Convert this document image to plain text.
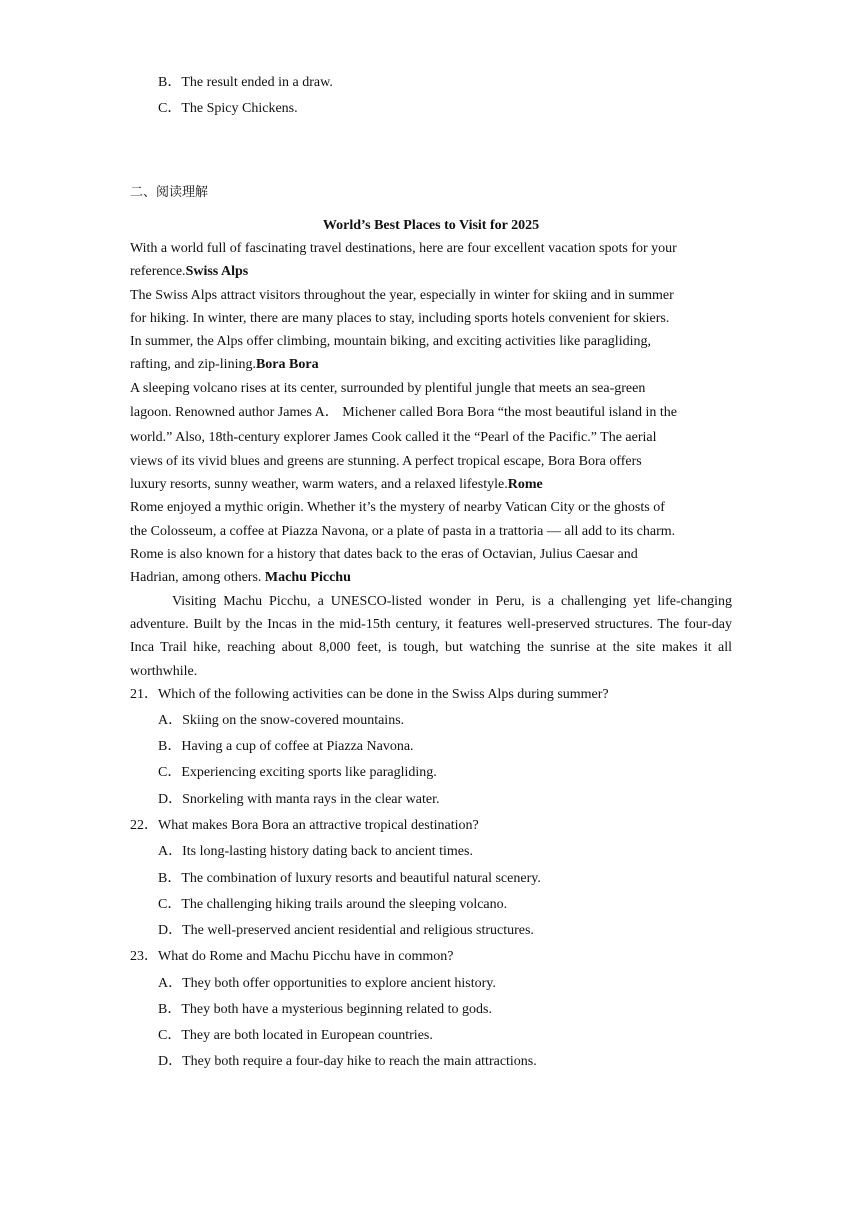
B．The result ended in a draw.
C．The Spicy Chickens.
二、阅读理解
World’s Best Places to Visit for 2025
With a world full of fascinating travel destinations, here are four excellent vacation spots for your
reference.Swiss Alps
The Swiss Alps attract visitors throughout the year, especially in winter for skiing and in summer
for hiking. In winter, there are many places to stay, including sports hotels convenient for skiers.
In summer, the Alps offer climbing, mountain biking, and exciting activities like paragliding,
rafting, and zip-lining.Bora Bora
A sleeping volcano rises at its center, surrounded by plentiful jungle that meets an sea-green
lagoon. Renowned author James A． Michener called Bora Bora “the most beautiful island in the
world.” Also, 18th-century explorer James Cook called it the “Pearl of the Pacific.” The aerial
views of its vivid blues and greens are stunning. A perfect tropical escape, Bora Bora offers
luxury resorts, sunny weather, warm waters, and a relaxed lifestyle.Rome
Rome enjoyed a mythic origin. Whether it’s the mystery of nearby Vatican City or the ghosts of
the Colosseum, a coffee at Piazza Navona, or a plate of pasta in a trattoria — all add to its charm.
Rome is also known for a history that dates back to the eras of Octavian, Julius Caesar and
Hadrian, among others. Machu Picchu
Visiting Machu Picchu, a UNESCO-listed wonder in Peru, is a challenging yet life-changing adventure. Built by the Incas in the mid-15th century, it features well-preserved structures. The four-day Inca Trail hike, reaching about 8,000 feet, is tough, but watching the sunrise at the site makes it all worthwhile.
21．Which of the following activities can be done in the Swiss Alps during summer?
A．Skiing on the snow-covered mountains.
B．Having a cup of coffee at Piazza Navona.
C．Experiencing exciting sports like paragliding.
D．Snorkeling with manta rays in the clear water.
22．What makes Bora Bora an attractive tropical destination?
A．Its long-lasting history dating back to ancient times.
B．The combination of luxury resorts and beautiful natural scenery.
C．The challenging hiking trails around the sleeping volcano.
D．The well-preserved ancient residential and religious structures.
23．What do Rome and Machu Picchu have in common?
A．They both offer opportunities to explore ancient history.
B．They both have a mysterious beginning related to gods.
C．They are both located in European countries.
D．They both require a four-day hike to reach the main attractions.
